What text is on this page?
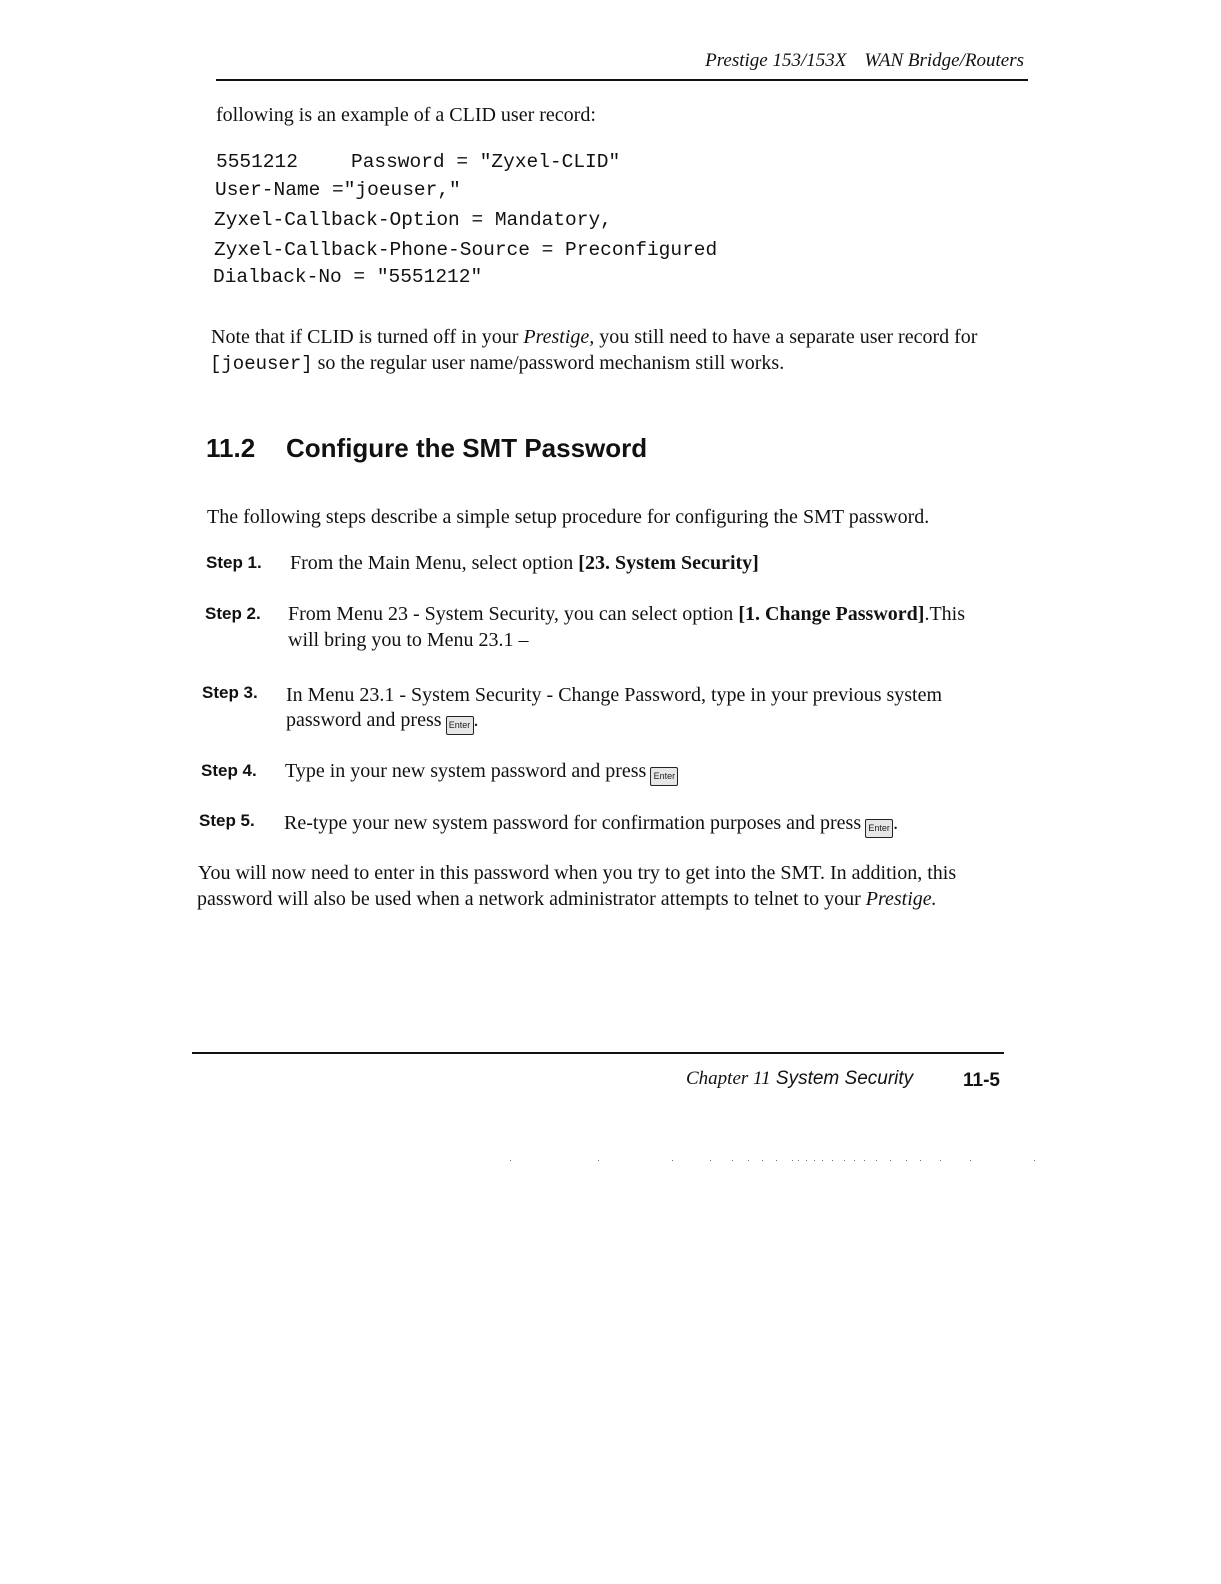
Prestige 153/153X WAN Bridge/Routers
following is an example of a CLID user record:
5551212	Password = "Zyxel-CLID"
User-Name ="joeuser,"
Zyxel-Callback-Option = Mandatory,
Zyxel-Callback-Phone-Source = Preconfigured
Dialback-No = "5551212"
Note that if CLID is turned off in your Prestige, you still need to have a separate user record for
[joeuser] so the regular user name/password mechanism still works.
11.2 Configure the SMT Password
The following steps describe a simple setup procedure for configuring the SMT password.
Step 1. From the Main Menu, select option [23. System Security]
Step 2. From Menu 23 - System Security, you can select option [1. Change Password].This
will bring you to Menu 23.1 –
Step 3. In Menu 23.1 - System Security - Change Password, type in your previous system
password and press Enter .
Step 4. Type in your new system password and press Enter
Step 5. Re-type your new system password for confirmation purposes and press Enter .
You will now need to enter in this password when you try to get into the SMT. In addition, this
password will also be used when a network administrator attempts to telnet to your Prestige.
Chapter 11 System Security	11-5
